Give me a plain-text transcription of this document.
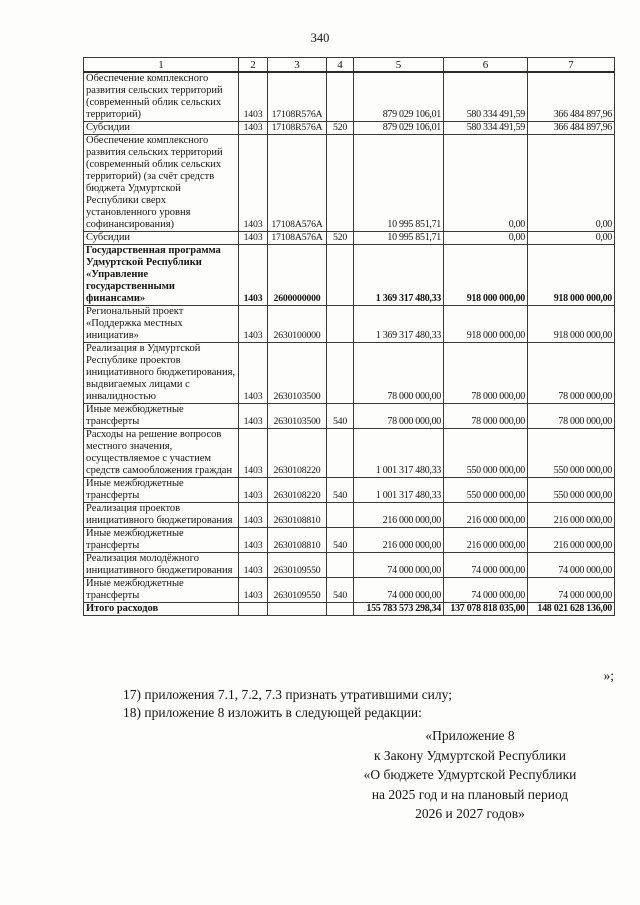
340
1	2	3	4	5	6	7
Обеспечение комплексного развития сельских территорий (современный облик сельских территорий)	1403	17108R576A		879 029 106,01	580 334 491,59	366 484 897,96
Субсидии	1403	17108R576A	520	879 029 106,01	580 334 491,59	366 484 897,96
Обеспечение комплексного развития сельских территорий (современный облик сельских территорий) (за счёт средств бюджета Удмуртской Республики сверх установленного уровня софинансирования)	1403	17108A576A		10 995 851,71	0,00	0,00
Субсидии	1403	17108A576A	520	10 995 851,71	0,00	0,00
Государственная программа Удмуртской Республики «Управление государственными финансами»	1403	2600000000		1 369 317 480,33	918 000 000,00	918 000 000,00
Региональный проект «Поддержка местных инициатив»	1403	2630100000		1 369 317 480,33	918 000 000,00	918 000 000,00
Реализация в Удмуртской Республике проектов инициативного бюджетирования, выдвигаемых лицами с инвалидностью	1403	2630103500		78 000 000,00	78 000 000,00	78 000 000,00
Иные межбюджетные трансферты	1403	2630103500	540	78 000 000,00	78 000 000,00	78 000 000,00
Расходы на решение вопросов местного значения, осуществляемое с участием средств самообложения граждан	1403	2630108220		1 001 317 480,33	550 000 000,00	550 000 000,00
Иные межбюджетные трансферты	1403	2630108220	540	1 001 317 480,33	550 000 000,00	550 000 000,00
Реализация проектов инициативного бюджетирования	1403	2630108810		216 000 000,00	216 000 000,00	216 000 000,00
Иные межбюджетные трансферты	1403	2630108810	540	216 000 000,00	216 000 000,00	216 000 000,00
Реализация молодёжного инициативного бюджетирования	1403	2630109550		74 000 000,00	74 000 000,00	74 000 000,00
Иные межбюджетные трансферты	1403	2630109550	540	74 000 000,00	74 000 000,00	74 000 000,00
Итого расходов				155 783 573 298,34	137 078 818 035,00	148 021 628 136,00
»;
17) приложения 7.1, 7.2, 7.3 признать утратившими силу;
18) приложение 8 изложить в следующей редакции:
«Приложение 8
к Закону Удмуртской Республики
«О бюджете Удмуртской Республики
на 2025 год и на плановый период
2026 и 2027 годов»
